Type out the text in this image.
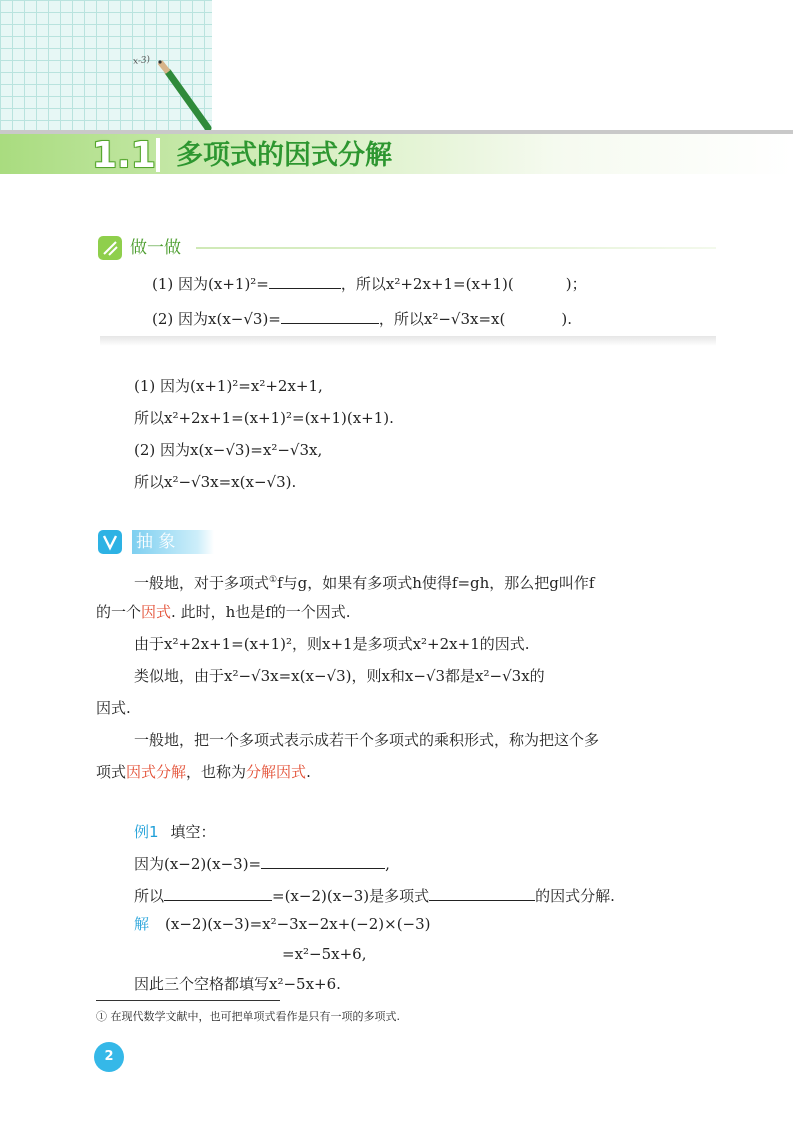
x-3)
1.1 多项式的因式分解
做一做
(1) 因为(x+1)²=	，所以x²+2x+1=(x+1)(	)；
(2) 因为x(x−√3)=	，所以x²−√3x=x(	).
(1) 因为(x+1)²=x²+2x+1,
所以x²+2x+1=(x+1)²=(x+1)(x+1).
(2) 因为x(x−√3)=x²−√3x,
所以x²−√3x=x(x−√3).
抽 象
一般地，对于多项式①f与g，如果有多项式h使得f=gh，那么把g叫作f
的一个因式. 此时，h也是f的一个因式.
由于x²+2x+1=(x+1)²，则x+1是多项式x²+2x+1的因式.
类似地，由于x²−√3x=x(x−√3)，则x和x−√3都是x²−√3x的
因式.
一般地，把一个多项式表示成若干个多项式的乘积形式，称为把这个多
项式因式分解，也称为分解因式.
例1 填空：
因为(x−2)(x−3)=	,
所以	=(x−2)(x−3)是多项式	的因式分解.
解 (x−2)(x−3)=x²−3x−2x+(−2)×(−3)
=x²−5x+6,
因此三个空格都填写x²−5x+6.
① 在现代数学文献中，也可把单项式看作是只有一项的多项式.
2
